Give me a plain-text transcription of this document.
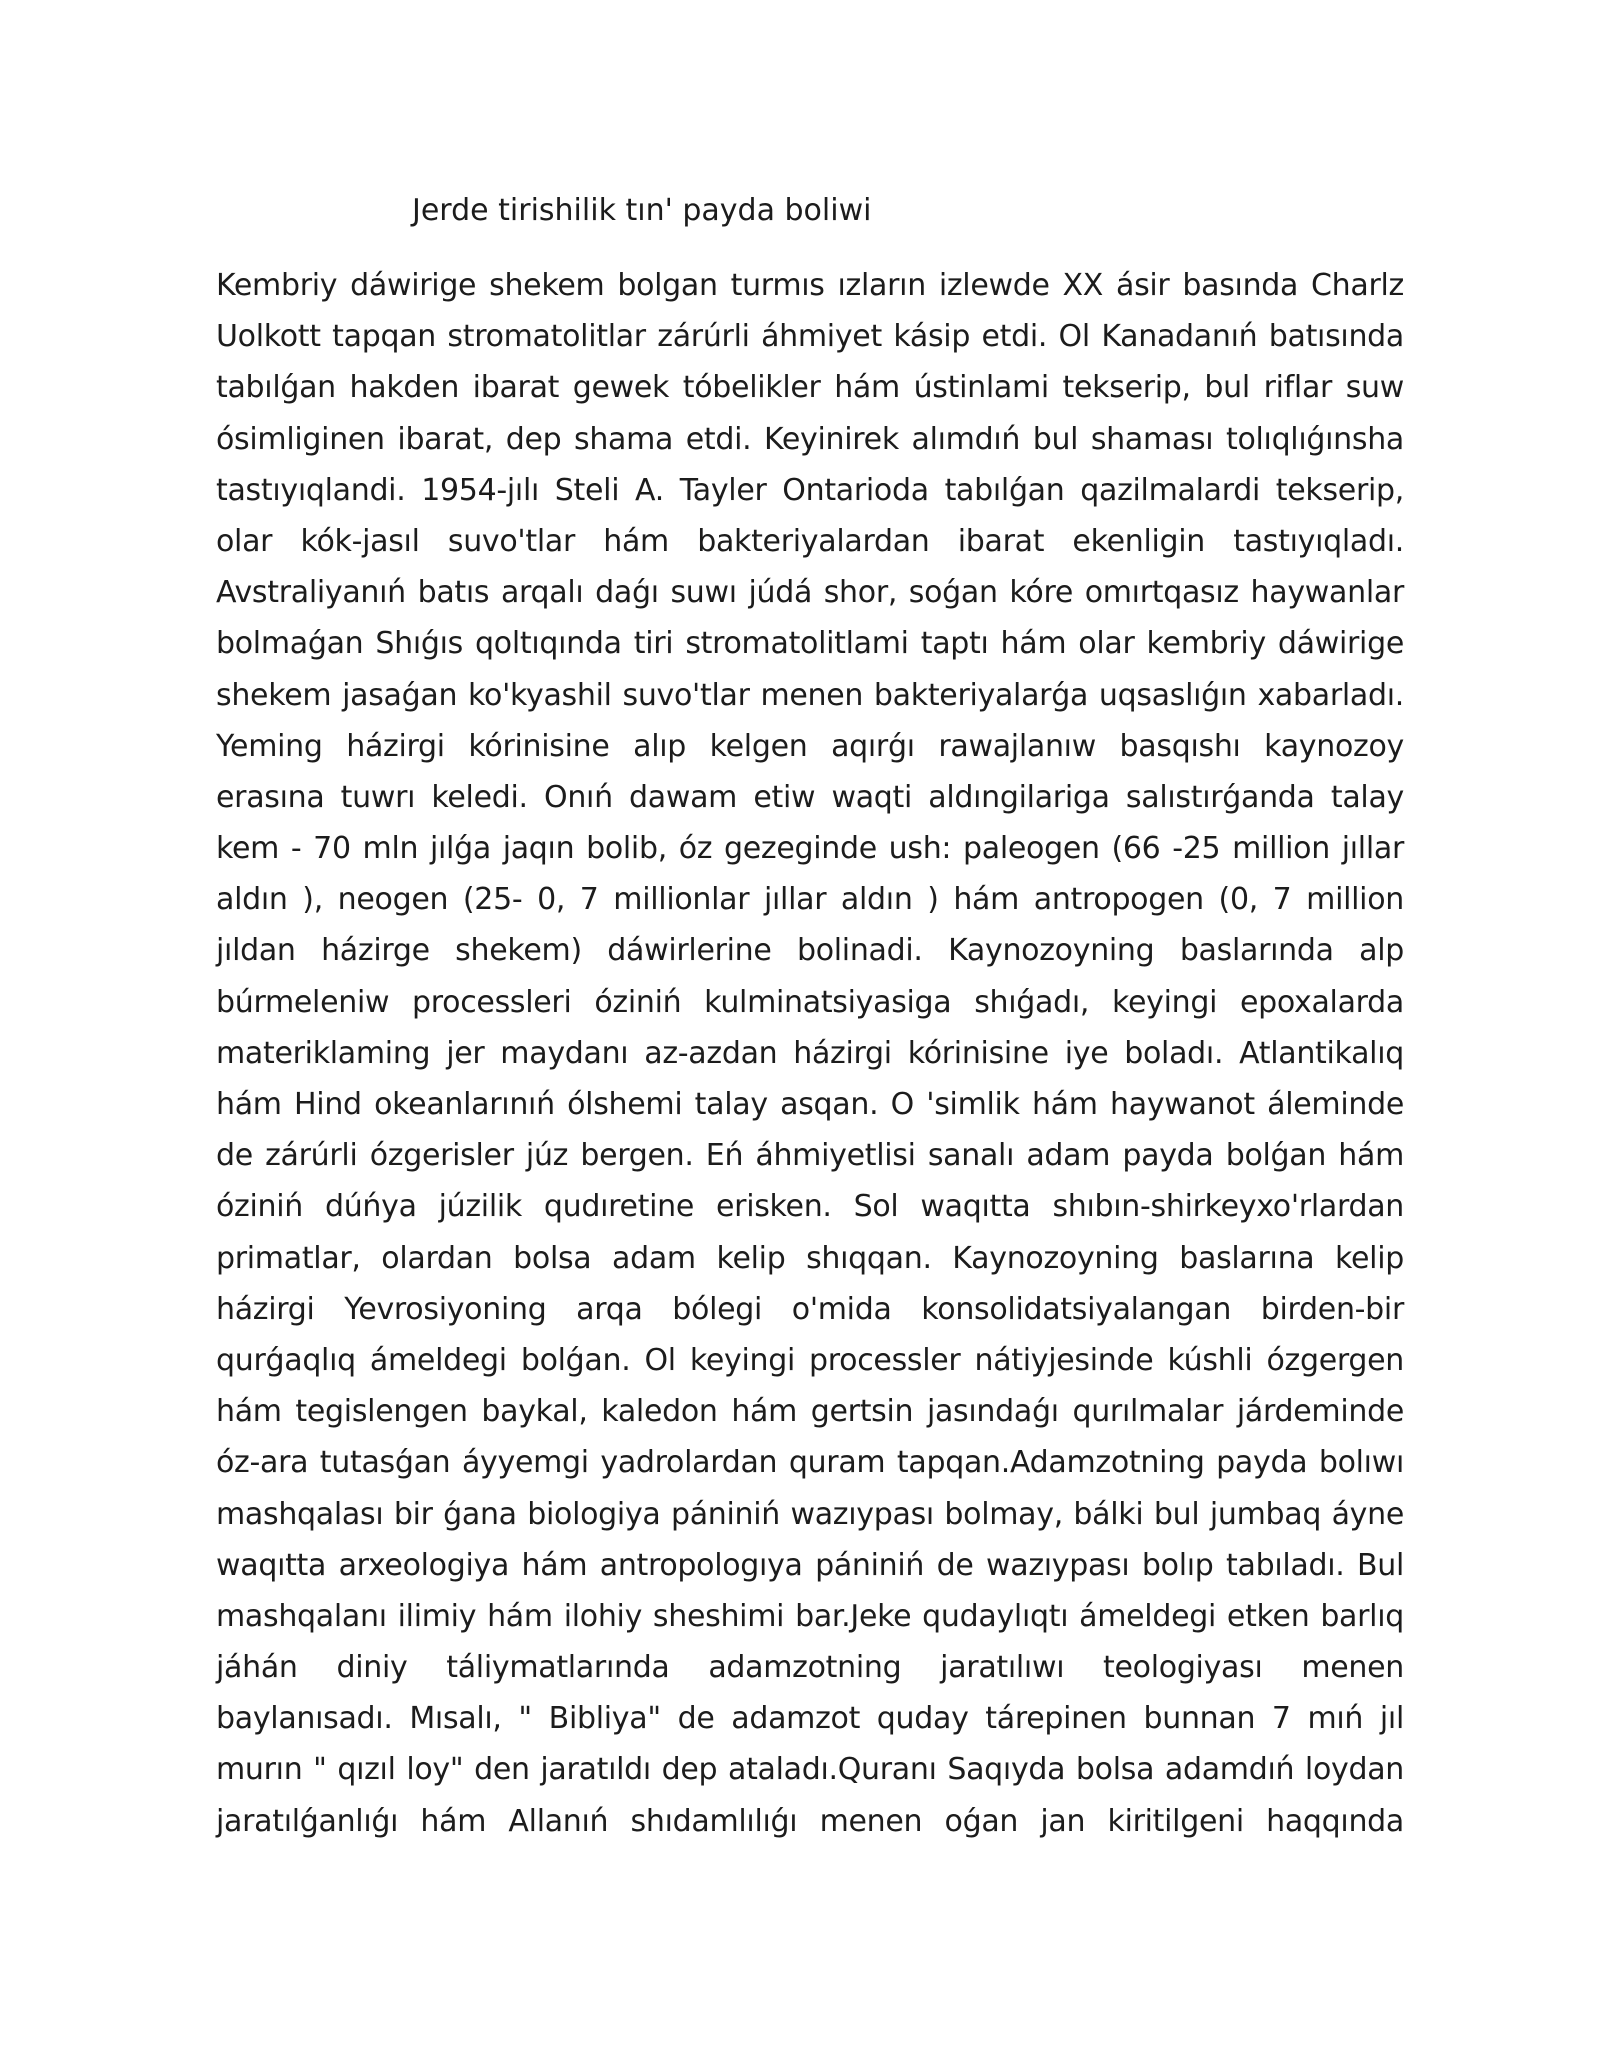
Jerde tirishilik tın' payda boliwi
Kembriy dáwirige shekem bolgan turmıs ızların izlewde XX ásir basında Charlz
Uolkott tapqan stromatolitlar zárúrli áhmiyet kásip etdi. Ol Kanadanıń batısında
tabılǵan hakden ibarat gewek tóbelikler hám ústinlami tekserip, bul riflar suw
ósimliginen ibarat, dep shama etdi. Keyinirek alımdıń bul shaması tolıqlıǵınsha
tastıyıqlandi. 1954-jılı Steli A. Tayler Ontarioda tabılǵan qazilmalardi tekserip,
olar kók-jasıl suvo'tlar hám bakteriyalardan ibarat ekenligin tastıyıqladı.
Avstraliyanıń batıs arqalı daǵı suwı júdá shor, soǵan kóre omırtqasız haywanlar
bolmaǵan Shıǵıs qoltıqında tiri stromatolitlami taptı hám olar kembriy dáwirige
shekem jasaǵan ko'kyashil suvo'tlar menen bakteriyalarǵa uqsaslıǵın xabarladı.
Yeming házirgi kórinisine alıp kelgen aqırǵı rawajlanıw basqıshı kaynozoy
erasına tuwrı keledi. Onıń dawam etiw waqti aldıngilariga salıstırǵanda talay
kem - 70 mln jılǵa jaqın bolib, óz gezeginde ush: paleogen (66 -25 million jıllar
aldın ), neogen (25- 0, 7 millionlar jıllar aldın ) hám antropogen (0, 7 million
jıldan házirge shekem) dáwirlerine bolinadi. Kaynozoyning baslarında alp
búrmeleniw processleri óziniń kulminatsiyasiga shıǵadı, keyingi epoxalarda
materiklaming jer maydanı az-azdan házirgi kórinisine iye boladı. Atlantikalıq
hám Hind okeanlarınıń ólshemi talay asqan. O 'simlik hám haywanot áleminde
de zárúrli ózgerisler júz bergen. Eń áhmiyetlisi sanalı adam payda bolǵan hám
óziniń dúńya júzilik qudıretine erisken. Sol waqıtta shıbın-shirkeyxo'rlardan
primatlar, olardan bolsa adam kelip shıqqan. Kaynozoyning baslarına kelip
házirgi Yevrosiyoning arqa bólegi o'mida konsolidatsiyalangan birden-bir
qurǵaqlıq ámeldegi bolǵan. Ol keyingi processler nátiyjesinde kúshli ózgergen
hám tegislengen baykal, kaledon hám gertsin jasındaǵı qurılmalar járdeminde
óz-ara tutasǵan áyyemgi yadrolardan quram tapqan.Adamzotning payda bolıwı
mashqalası bir ǵana biologiya pániniń wazıypası bolmay, bálki bul jumbaq áyne
waqıtta arxeologiya hám antropologıya pániniń de wazıypası bolıp tabıladı. Bul
mashqalanı ilimiy hám ilohiy sheshimi bar.Jeke qudaylıqtı ámeldegi etken barlıq
jáhán diniy táliymatlarında adamzotning jaratılıwı teologiyası menen
baylanısadı. Mısalı, " Bibliya" de adamzot quday tárepinen bunnan 7 mıń jıl
murın " qızıl loy" den jaratıldı dep ataladı.Quranı Saqıyda bolsa adamdıń loydan
jaratılǵanlıǵı hám Allanıń shıdamlılıǵı menen oǵan jan kiritilgeni haqqında
